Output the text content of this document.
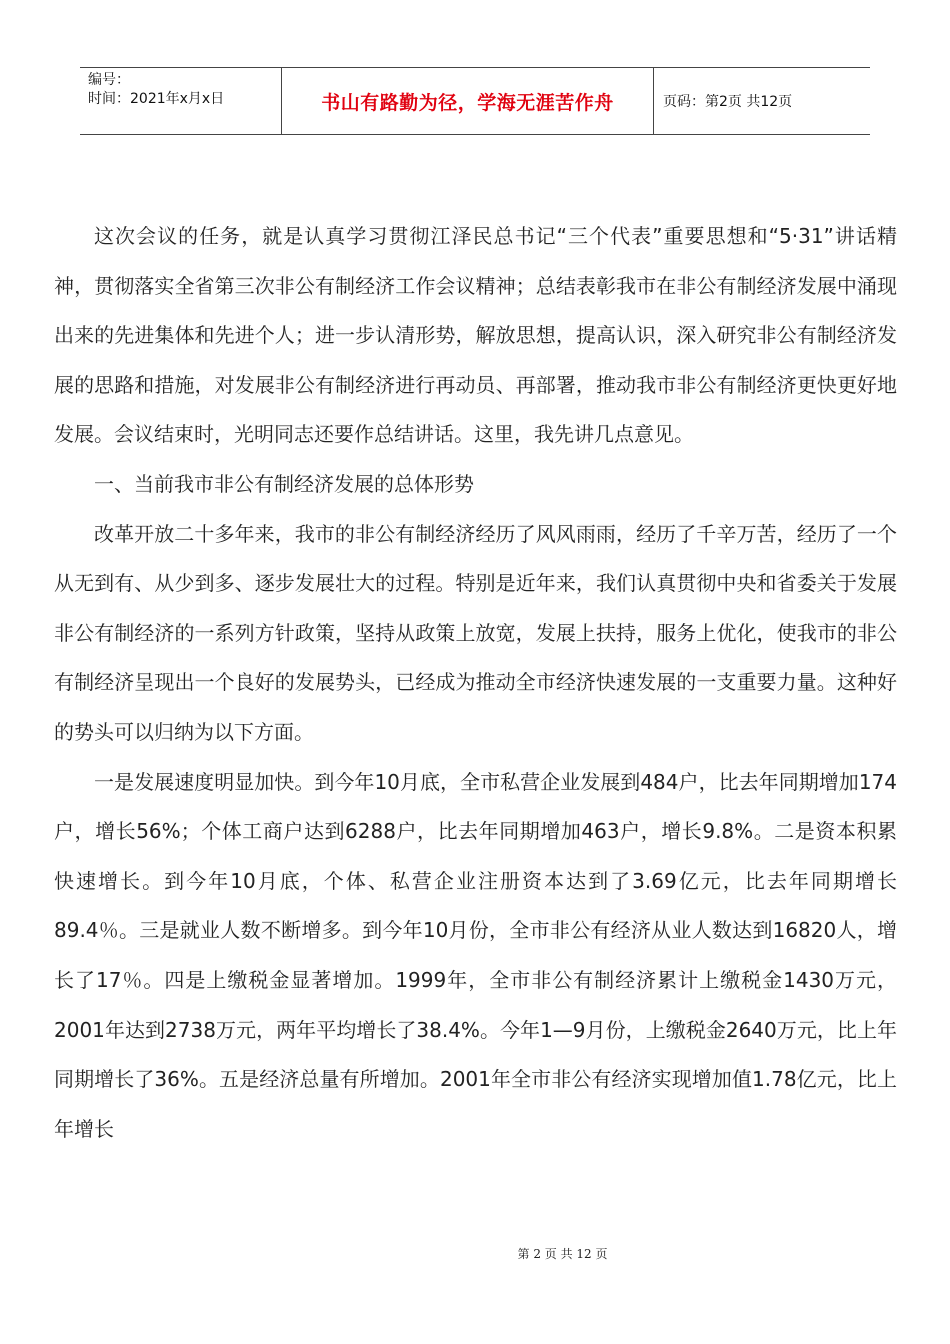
编号：
时间：2021年x月x日	书山有路勤为径，学海无涯苦作舟	页码：第2页 共12页

这次会议的任务，就是认真学习贯彻江泽民总书记“三个代表”重要思想和“5·31”讲话精神，贯彻落实全省第三次非公有制经济工作会议精神；总结表彰我市在非公有制经济发展中涌现出来的先进集体和先进个人；进一步认清形势，解放思想，提高认识，深入研究非公有制经济发展的思路和措施，对发展非公有制经济进行再动员、再部署，推动我市非公有制经济更快更好地发展。会议结束时，光明同志还要作总结讲话。这里，我先讲几点意见。

一、当前我市非公有制经济发展的总体形势

改革开放二十多年来，我市的非公有制经济经历了风风雨雨，经历了千辛万苦，经历了一个从无到有、从少到多、逐步发展壮大的过程。特别是近年来，我们认真贯彻中央和省委关于发展非公有制经济的一系列方针政策，坚持从政策上放宽，发展上扶持，服务上优化，使我市的非公有制经济呈现出一个良好的发展势头，已经成为推动全市经济快速发展的一支重要力量。这种好的势头可以归纳为以下方面。

一是发展速度明显加快。到今年10月底，全市私营企业发展到484户，比去年同期增加174户，增长56%；个体工商户达到6288户，比去年同期增加463户，增长9.8%。二是资本积累快速增长。到今年10月底，个体、私营企业注册资本达到了3.69亿元，比去年同期增长89.4％。三是就业人数不断增多。到今年10月份，全市非公有经济从业人数达到16820人，增长了17％。四是上缴税金显著增加。1999年，全市非公有制经济累计上缴税金1430万元，2001年达到2738万元，两年平均增长了38.4%。今年1—9月份，上缴税金2640万元，比上年同期增长了36%。五是经济总量有所增加。2001年全市非公有经济实现增加值1.78亿元，比上年增长

第 2 页 共 12 页
